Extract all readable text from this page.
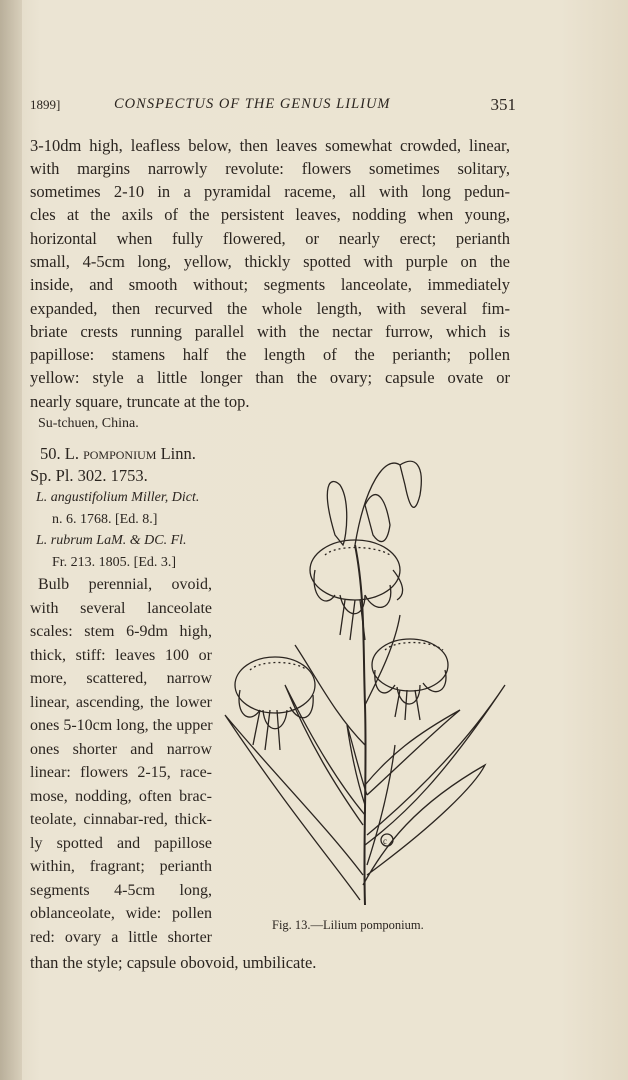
1899]	CONSPECTUS OF THE GENUS LILIUM	351
3-10dm high, leafless below, then leaves somewhat crowded, linear,
with margins narrowly revolute: flowers sometimes solitary,
sometimes 2-10 in a pyramidal raceme, all with long pedun-
cles at the axils of the persistent leaves, nodding when young,
horizontal when fully flowered, or nearly erect; perianth
small, 4-5cm long, yellow, thickly spotted with purple on the
inside, and smooth without; segments lanceolate, immediately
expanded, then recurved the whole length, with several fim-
briate crests running parallel with the nectar furrow, which is
papillose: stamens half the length of the perianth; pollen
yellow: style a little longer than the ovary; capsule ovate or
nearly square, truncate at the top.
Su-tchuen, China.
50. L. pomponium Linn.
Sp. Pl. 302. 1753.
L. angustifolium Miller, Dict.
n. 6. 1768. [Ed. 8.]
L. rubrum LaM. & DC. Fl.
Fr. 213. 1805. [Ed. 3.]
Bulb perennial, ovoid,
with several lanceolate
scales: stem 6-9dm high,
thick, stiff: leaves 100 or
more, scattered, narrow
linear, ascending, the lower
ones 5-10cm long, the upper
ones shorter and narrow
linear: flowers 2-15, race-
mose, nodding, often brac-
teolate, cinnabar-red, thick-
ly spotted and papillose
within, fragrant; perianth
segments 4-5cm long,
oblanceolate, wide: pollen
red: ovary a little shorter
than the style; capsule obovoid, umbilicate.
c
Fig. 13.—Lilium pomponium.
